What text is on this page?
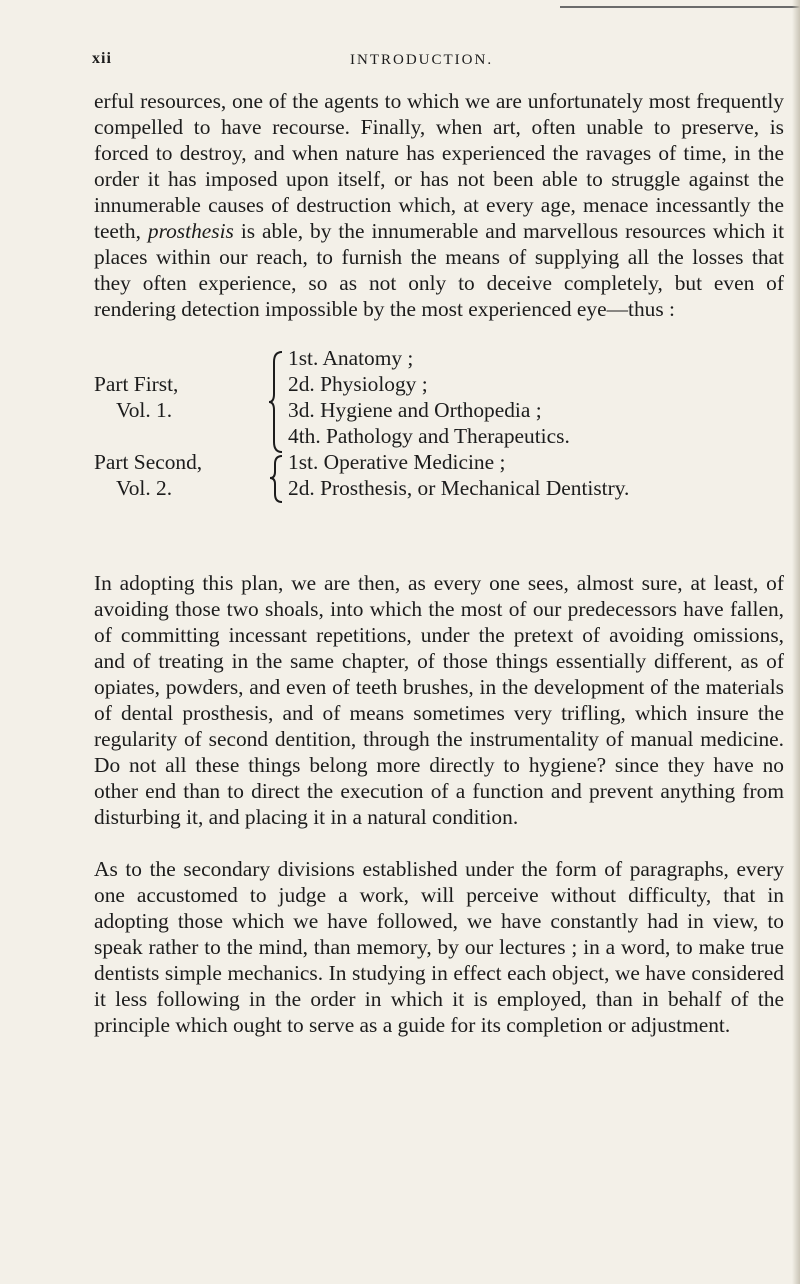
xii	INTRODUCTION.
erful resources, one of the agents to which we are unfortunately most frequently compelled to have recourse. Finally, when art, often unable to preserve, is forced to destroy, and when nature has experienced the ravages of time, in the order it has imposed upon itself, or has not been able to struggle against the innumerable causes of destruction which, at every age, menace incessantly the teeth, prosthesis is able, by the innumerable and marvellous resources which it places within our reach, to furnish the means of supplying all the losses that they often experience, so as not only to deceive completely, but even of rendering detection impossible by the most experienced eye—thus :
Part First,
Vol. 1.
1st. Anatomy ;
2d. Physiology ;
3d. Hygiene and Orthopedia ;
4th. Pathology and Therapeutics.
Part Second,
Vol. 2.
1st. Operative Medicine ;
2d. Prosthesis, or Mechanical Dentistry.
In adopting this plan, we are then, as every one sees, almost sure, at least, of avoiding those two shoals, into which the most of our predecessors have fallen, of committing incessant repetitions, under the pretext of avoiding omissions, and of treating in the same chapter, of those things essentially different, as of opiates, powders, and even of teeth brushes, in the development of the materials of dental prosthesis, and of means sometimes very trifling, which insure the regularity of second dentition, through the instrumentality of manual medicine. Do not all these things belong more directly to hygiene? since they have no other end than to direct the execution of a function and prevent anything from disturbing it, and placing it in a natural condition.
As to the secondary divisions established under the form of paragraphs, every one accustomed to judge a work, will perceive without difficulty, that in adopting those which we have followed, we have constantly had in view, to speak rather to the mind, than memory, by our lectures ; in a word, to make true dentists simple mechanics. In studying in effect each object, we have considered it less following in the order in which it is employed, than in behalf of the principle which ought to serve as a guide for its completion or adjustment.
